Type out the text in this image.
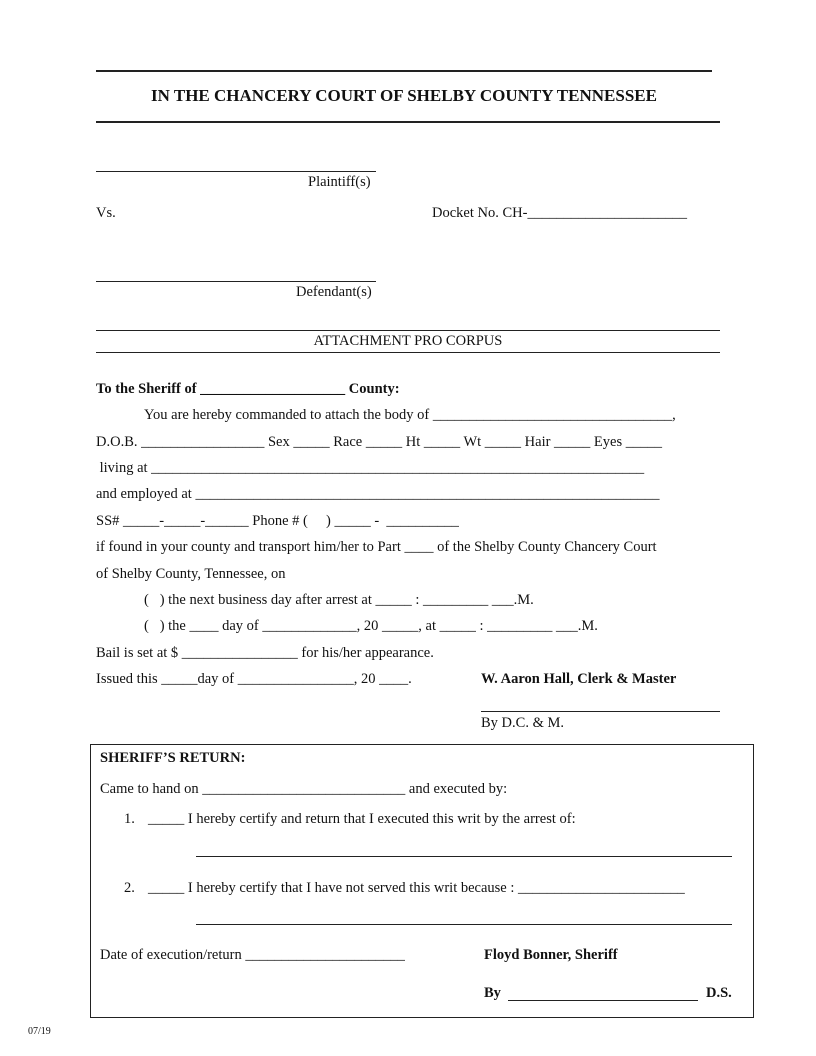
IN THE CHANCERY COURT OF SHELBY COUNTY TENNESSEE
Plaintiff(s)
Vs.	Docket No. CH-______________________
Defendant(s)
ATTACHMENT PRO CORPUS
To the Sheriff of ____________________ County:
You are hereby commanded to attach the body of _________________________________,
D.O.B. _________________ Sex _____ Race _____ Ht _____ Wt _____ Hair _____ Eyes _____
living at ____________________________________________________________________
and employed at ________________________________________________________________
SS# _____-_____-______ Phone # (     ) _____ -  __________
if found in your county and transport him/her to Part ____ of the Shelby County Chancery Court
of Shelby County, Tennessee, on
(   ) the next business day after arrest at _____ : _________ ___.M.
(   ) the ____ day of _____________, 20 _____, at _____ : _________ ___.M.
Bail is set at $ ________________ for his/her appearance.
Issued this _____day of ________________, 20 ____.	W. Aaron Hall, Clerk & Master
By D.C. & M.
SHERIFF’S RETURN:
Came to hand on ____________________________ and executed by:
1. _____ I hereby certify and return that I executed this writ by the arrest of:
2. _____ I hereby certify that I have not served this writ because : _______________________
Date of execution/return ______________________	Floyd Bonner, Sheriff
By	D.S.
07/19
